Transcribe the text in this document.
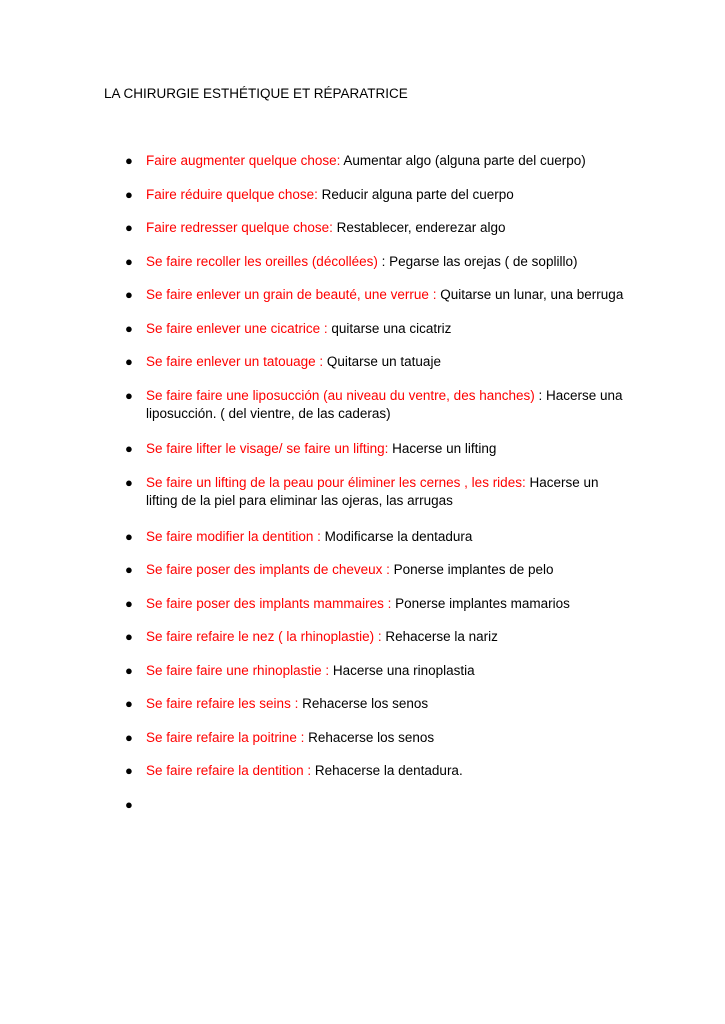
LA CHIRURGIE ESTHÉTIQUE ET RÉPARATRICE
● Faire augmenter quelque chose: Aumentar algo (alguna parte del cuerpo)
● Faire réduire quelque chose: Reducir alguna parte del cuerpo
● Faire redresser quelque chose: Restablecer, enderezar algo
● Se faire recoller les oreilles (décollées) : Pegarse las orejas ( de soplillo)
● Se faire enlever un grain de beauté, une verrue : Quitarse un lunar, una berruga
● Se faire enlever une cicatrice : quitarse una cicatriz
● Se faire enlever un tatouage : Quitarse un tatuaje
● Se faire faire une liposucción (au niveau du ventre, des hanches) : Hacerse una liposucción. ( del vientre, de las caderas)
● Se faire lifter le visage/ se faire un lifting: Hacerse un lifting
● Se faire un lifting de la peau pour éliminer les cernes , les rides: Hacerse un lifting de la piel para eliminar las ojeras, las arrugas
● Se faire modifier la dentition : Modificarse la dentadura
● Se faire poser des implants de cheveux : Ponerse implantes de pelo
● Se faire poser des implants mammaires : Ponerse implantes mamarios
● Se faire refaire le nez ( la rhinoplastie) : Rehacerse la nariz
● Se faire faire une rhinoplastie : Hacerse una rinoplastia
● Se faire refaire les seins : Rehacerse los senos
● Se faire refaire la poitrine : Rehacerse los senos
● Se faire refaire la dentition : Rehacerse la dentadura.
●
